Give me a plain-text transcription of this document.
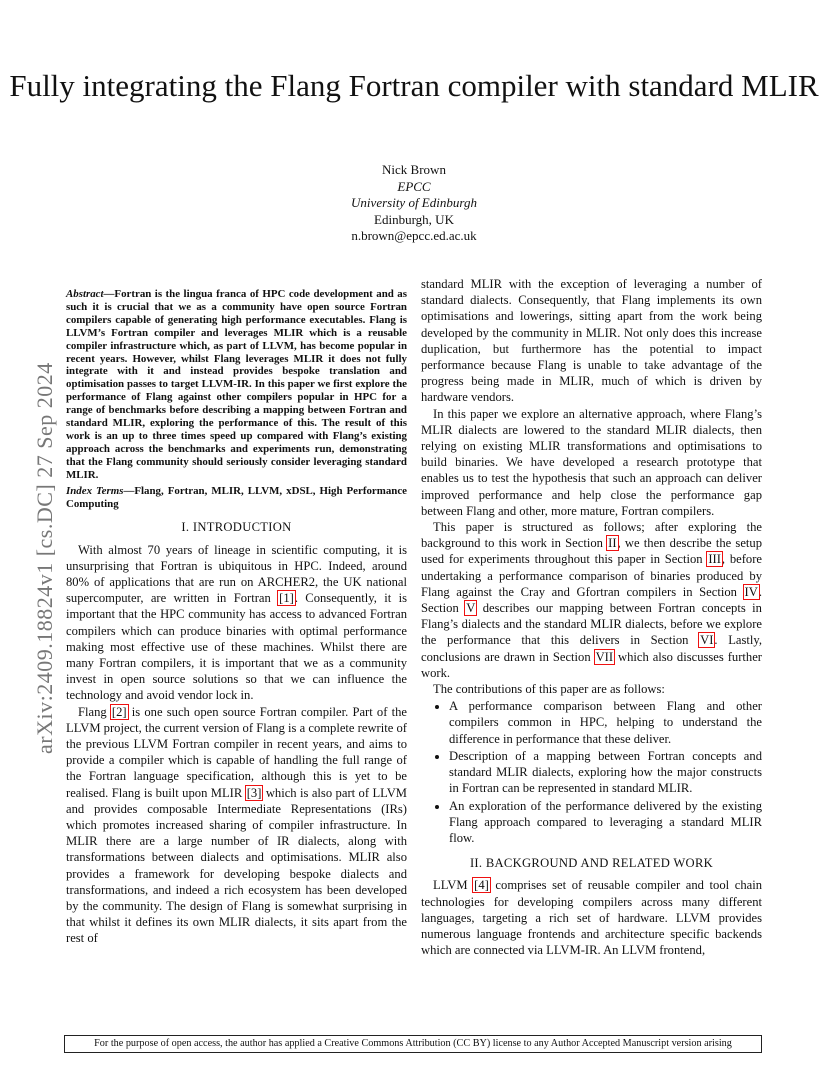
arXiv:2409.18824v1 [cs.DC] 27 Sep 2024
Fully integrating the Flang Fortran compiler with standard MLIR
Nick Brown
EPCC
University of Edinburgh
Edinburgh, UK
n.brown@epcc.ed.ac.uk

Abstract—Fortran is the lingua franca of HPC code development and as such it is crucial that we as a community have open source Fortran compilers capable of generating high performance executables. Flang is LLVM’s Fortran compiler and leverages MLIR which is a reusable compiler infrastructure which, as part of LLVM, has become popular in recent years. However, whilst Flang leverages MLIR it does not fully integrate with it and instead provides bespoke translation and optimisation passes to target LLVM-IR. In this paper we first explore the performance of Flang against other compilers popular in HPC for a range of benchmarks before describing a mapping between Fortran and standard MLIR, exploring the performance of this. The result of this work is an up to three times speed up compared with Flang’s existing approach across the benchmarks and experiments run, demonstrating that the Flang community should seriously consider leveraging standard MLIR.

Index Terms—Flang, Fortran, MLIR, LLVM, xDSL, High Performance Computing

I. INTRODUCTION

With almost 70 years of lineage in scientific computing, it is unsurprising that Fortran is ubiquitous in HPC. Indeed, around 80% of applications that are run on ARCHER2, the UK national supercomputer, are written in Fortran [1]. Consequently, it is important that the HPC community has access to advanced Fortran compilers which can produce binaries with optimal performance making most effective use of these machines. Whilst there are many Fortran compilers, it is important that we as a community invest in open source solutions so that we can influence the technology and avoid vendor lock in.

Flang [2] is one such open source Fortran compiler. Part of the LLVM project, the current version of Flang is a complete rewrite of the previous LLVM Fortran compiler in recent years, and aims to provide a compiler which is capable of handling the full range of the Fortran language specification, although this is yet to be realised. Flang is built upon MLIR [3] which is also part of LLVM and provides composable Intermediate Representations (IRs) which promotes increased sharing of compiler infrastructure. In MLIR there are a large number of IR dialects, along with transformations between dialects and optimisations. MLIR also provides a framework for developing bespoke dialects and transformations, and indeed a rich ecosystem has been developed by the community. The design of Flang is somewhat surprising in that whilst it defines its own MLIR dialects, it sits apart from the rest of

standard MLIR with the exception of leveraging a number of standard dialects. Consequently, that Flang implements its own optimisations and lowerings, sitting apart from the work being developed by the community in MLIR. Not only does this increase duplication, but furthermore has the potential to impact performance because Flang is unable to take advantage of the progress being made in MLIR, much of which is driven by hardware vendors.

In this paper we explore an alternative approach, where Flang’s MLIR dialects are lowered to the standard MLIR dialects, then relying on existing MLIR transformations and optimisations to build binaries. We have developed a research prototype that enables us to test the hypothesis that such an approach can deliver improved performance and help close the performance gap between Flang and other, more mature, Fortran compilers.

This paper is structured as follows; after exploring the background to this work in Section II, we then describe the setup used for experiments throughout this paper in Section III, before undertaking a performance comparison of binaries produced by Flang against the Cray and Gfortran compilers in Section IV. Section V describes our mapping between Fortran concepts in Flang’s dialects and the standard MLIR dialects, before we explore the performance that this delivers in Section VI. Lastly, conclusions are drawn in Section VII which also discusses further work.

The contributions of this paper are as follows:

• A performance comparison between Flang and other compilers common in HPC, helping to understand the difference in performance that these deliver.
• Description of a mapping between Fortran concepts and standard MLIR dialects, exploring how the major constructs in Fortran can be represented in standard MLIR.
• An exploration of the performance delivered by the existing Flang approach compared to leveraging a standard MLIR flow.
II. BACKGROUND AND RELATED WORK

LLVM [4] comprises set of reusable compiler and tool chain technologies for developing compilers across many different languages, targeting a rich set of hardware. LLVM provides numerous language frontends and architecture specific backends which are connected via LLVM-IR. An LLVM frontend,

For the purpose of open access, the author has applied a Creative Commons Attribution (CC BY) license to any Author Accepted Manuscript version arising
